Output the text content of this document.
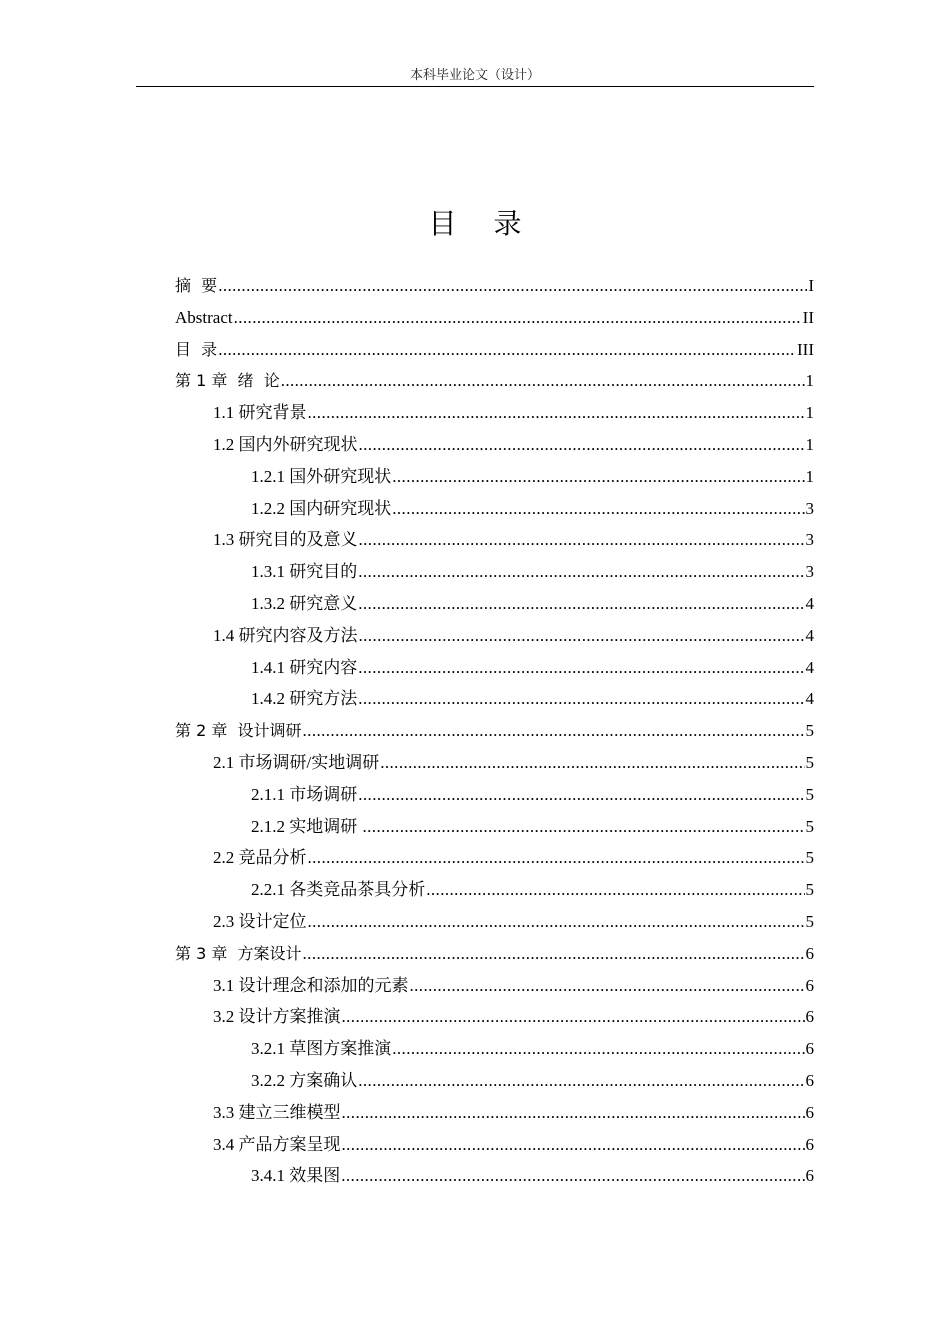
本科毕业论文（设计）
目 录
摘  要 .....	I
Abstract .....	II
目  录 .....	III
第 1 章  绪  论 .....	1
1.1 研究背景 .....	1
1.2 国内外研究现状 .....	1
1.2.1 国外研究现状 .....	1
1.2.2 国内研究现状 .....	3
1.3 研究目的及意义 .....	3
1.3.1 研究目的 .....	3
1.3.2 研究意义 .....	4
1.4 研究内容及方法 .....	4
1.4.1 研究内容 .....	4
1.4.2 研究方法 .....	4
第 2 章  设计调研 .....	5
2.1 市场调研/实地调研 .....	5
2.1.1 市场调研 .....	5
2.1.2 实地调研 .....	5
2.2 竞品分析 .....	5
2.2.1 各类竞品茶具分析 .....	5
2.3 设计定位 .....	5
第 3 章  方案设计 .....	6
3.1 设计理念和添加的元素 .....	6
3.2 设计方案推演 .....	6
3.2.1 草图方案推演 .....	6
3.2.2 方案确认 .....	6
3.3 建立三维模型 .....	6
3.4 产品方案呈现 .....	6
3.4.1 效果图 .....	6
